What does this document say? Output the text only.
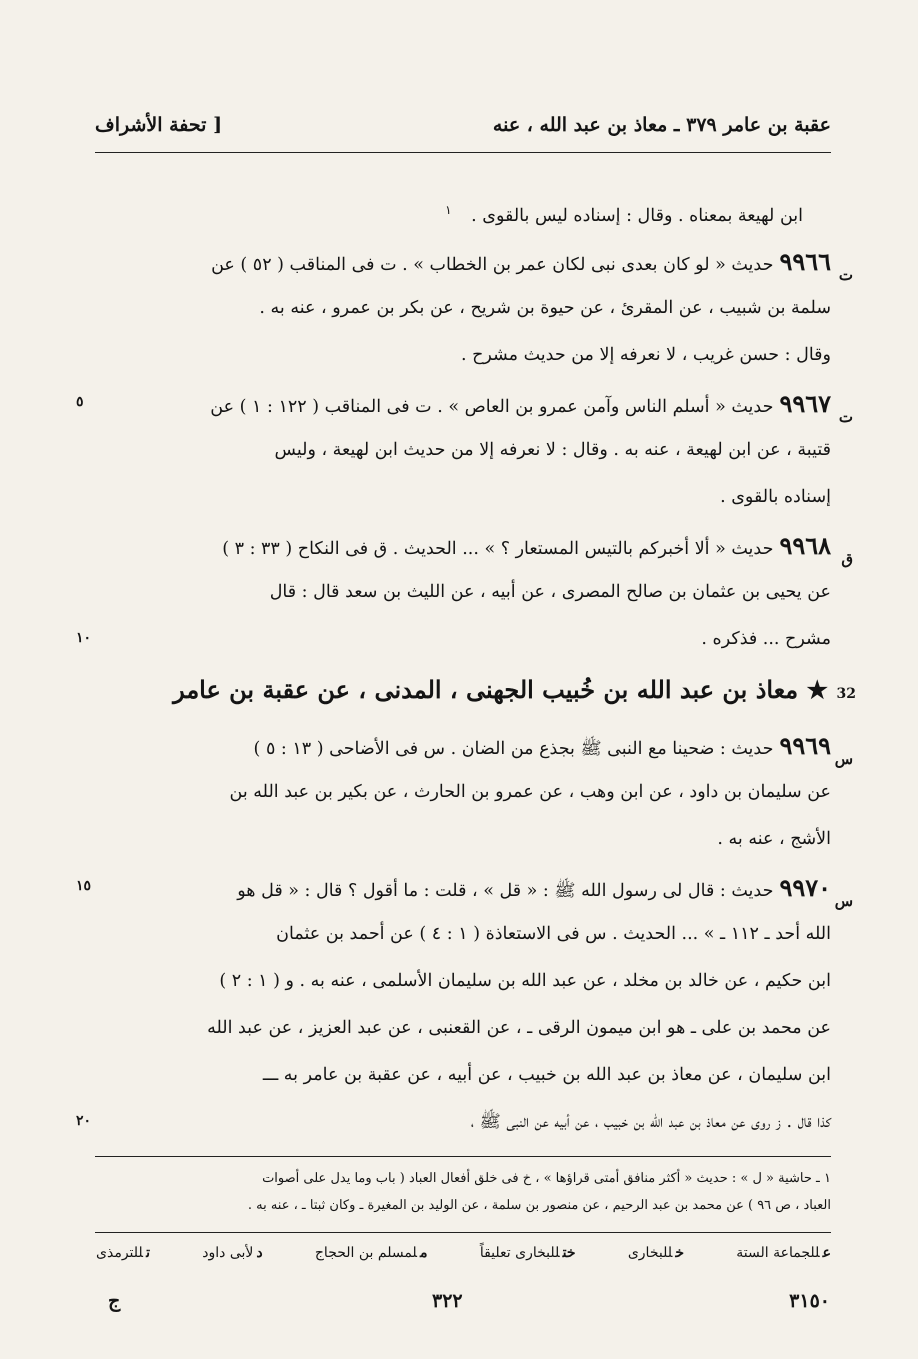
عقبة بن عامر ٣٧٩ ـ معاذ بن عبد الله ، عنه
[ تحفة الأشراف
ابن لهيعة بمعناه . وقال : إسناده ليس بالقوى . $^١$
ت
٩٩٦٦حديث « لو كان بعدى نبى لكان عمر بن الخطاب » . ت فى المناقب ( ٥٢ ) عن
سلمة بن شبيب ، عن المقرئ ، عن حيوة بن شريح ، عن بكر بن عمرو ، عنه به .
وقال : حسن غريب ، لا نعرفه إلا من حديث مشرح .
ت
٩٩٦٧حديث « أسلم الناس وآمن عمرو بن العاص » . ت فى المناقب ( ١٢٢ : ١ ) عن
قتيبة ، عن ابن لهيعة ، عنه به . وقال : لا نعرفه إلا من حديث ابن لهيعة ، وليس
إسناده بالقوى .
٥
ق
٩٩٦٨حديث « ألا أخبركم بالتيس المستعار ؟ » ... الحديث . ق فى النكاح ( ٣٣ : ٣ )
عن يحيى بن عثمان بن صالح المصرى ، عن أبيه ، عن الليث بن سعد قال : قال
مشرح ... فذكره .
١٠
32
★ معاذ بن عبد الله بن خُبيب الجهنى ، المدنى ، عن عقبة بن عامر
س
٩٩٦٩حديث : ضحينا مع النبى ﷺ بجذع من الضان . س فى الأضاحى ( ١٣ : ٥ )
عن سليمان بن داود ، عن ابن وهب ، عن عمرو بن الحارث ، عن بكير بن عبد الله بن
الأشج ، عنه به .
س
٩٩٧٠حديث : قال لى رسول الله ﷺ : « قل » ، قلت : ما أقول ؟ قال : « قل هو
الله أحد ـ ١١٢ ـ » ... الحديث . س فى الاستعاذة ( ١ : ٤ ) عن أحمد بن عثمان
ابن حكيم ، عن خالد بن مخلد ، عن عبد الله بن سليمان الأسلمى ، عنه به . و ( ١ : ٢ )
عن محمد بن على ـ هو ابن ميمون الرقى ـ ، عن القعنبى ، عن عبد العزيز ، عن عبد الله
ابن سليمان ، عن معاذ بن عبد الله بن خبيب ، عن أبيه ، عن عقبة بن عامر به ـــ
كذا قال . ز روى عن معاذ بن عبد الله بن خبيب ، عن أبيه عن النبى ﷺ ،
١٥
٢٠
١ ـ حاشية « ل » : حديث « أكثر منافق أمتى قراؤها » ، خ فى خلق أفعال العباد ( باب وما يدل على أصوات
العباد ، ص ٩٦ ) عن محمد بن عبد الرحيم ، عن منصور بن سلمة ، عن الوليد بن المغيرة ـ وكان ثبتا ـ ، عنه به .
عللجماعة الستة
خللبخارى
ختللبخارى تعليقاً
ملمسلم بن الحجاج
دلأبى داود
تللترمذى
ج	٣٢٢	٣١٥٠
